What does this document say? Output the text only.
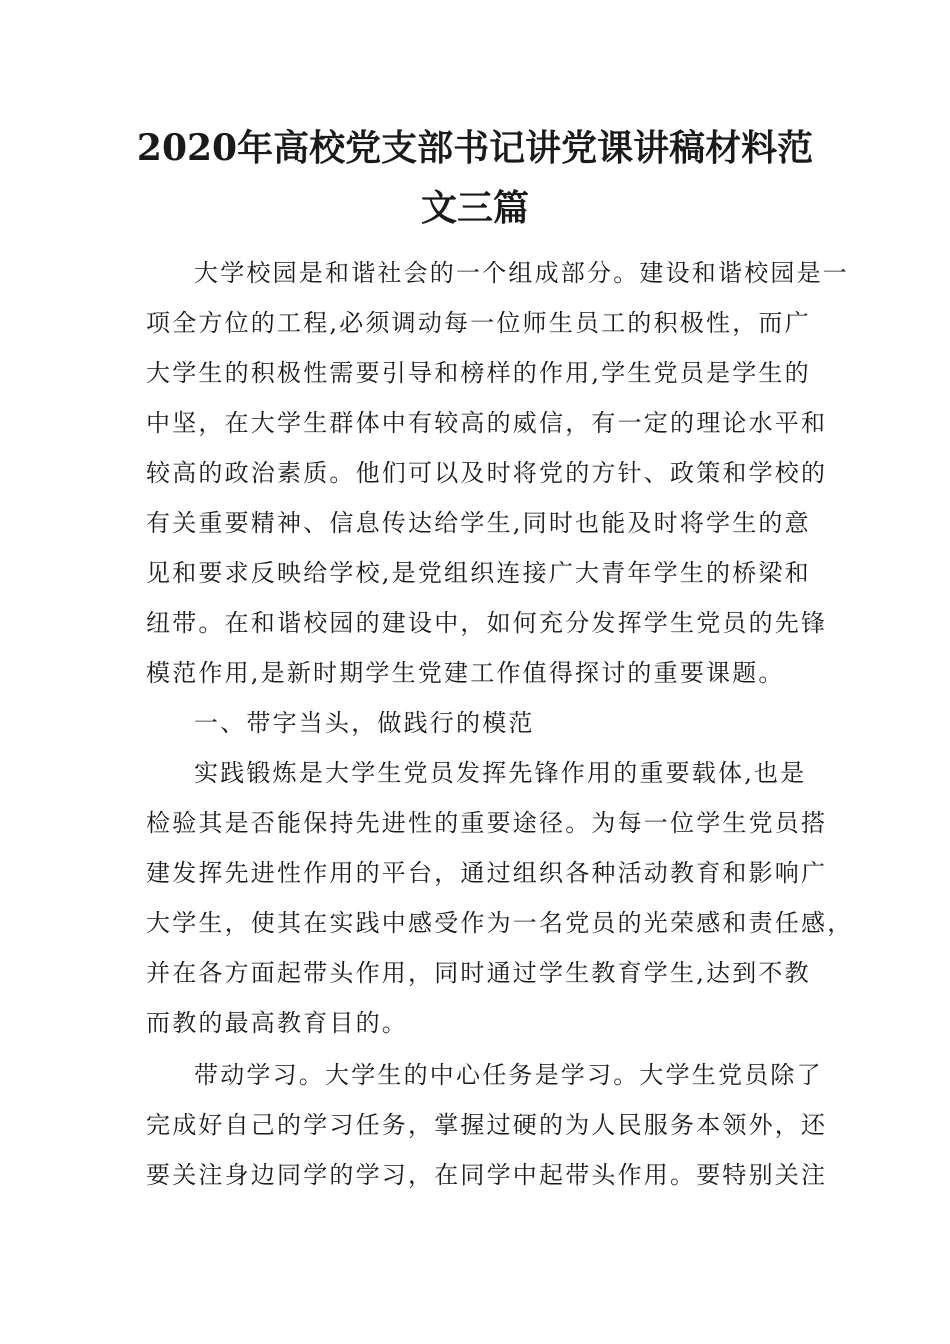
2020年高校党支部书记讲党课讲稿材料范
文三篇
大学校园是和谐社会的一个组成部分。建设和谐校园是一
项全方位的工程,必须调动每一位师生员工的积极性，而广
大学生的积极性需要引导和榜样的作用,学生党员是学生的
中坚，在大学生群体中有较高的威信，有一定的理论水平和
较高的政治素质。他们可以及时将党的方针、政策和学校的
有关重要精神、信息传达给学生,同时也能及时将学生的意
见和要求反映给学校,是党组织连接广大青年学生的桥梁和
纽带。在和谐校园的建设中，如何充分发挥学生党员的先锋
模范作用,是新时期学生党建工作值得探讨的重要课题。
一、带字当头，做践行的模范
实践锻炼是大学生党员发挥先锋作用的重要载体,也是
检验其是否能保持先进性的重要途径。为每一位学生党员搭
建发挥先进性作用的平台，通过组织各种活动教育和影响广
大学生，使其在实践中感受作为一名党员的光荣感和责任感，
并在各方面起带头作用，同时通过学生教育学生,达到不教
而教的最高教育目的。
带动学习。大学生的中心任务是学习。大学生党员除了
完成好自己的学习任务，掌握过硬的为人民服务本领外，还
要关注身边同学的学习，在同学中起带头作用。要特别关注
